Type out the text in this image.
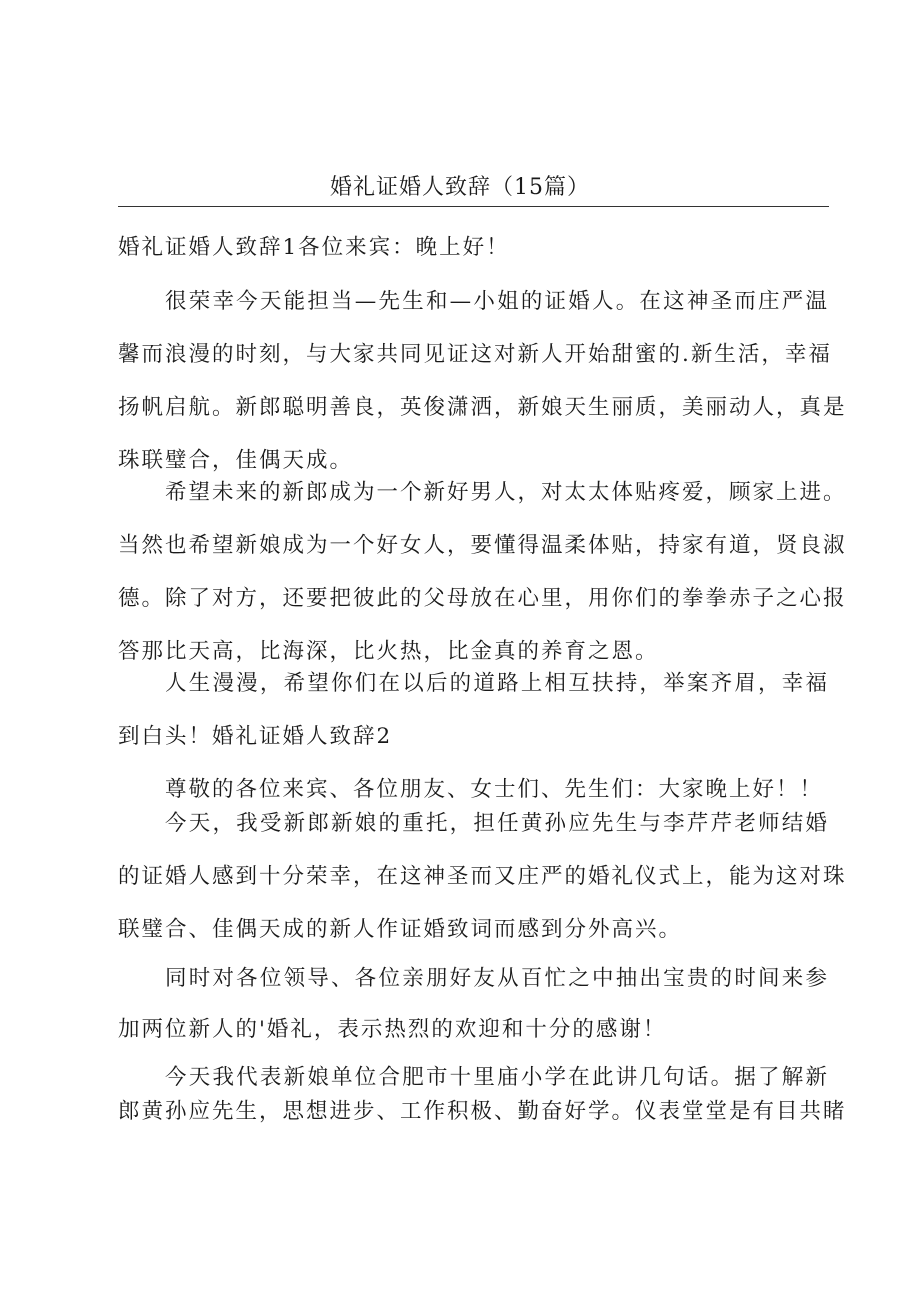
婚礼证婚人致辞（15篇）
婚礼证婚人致辞1各位来宾：晚上好！
很荣幸今天能担当—先生和—小姐的证婚人。在这神圣而庄严温
馨而浪漫的时刻，与大家共同见证这对新人开始甜蜜的.新生活，幸福
扬帆启航。新郎聪明善良，英俊潇洒，新娘天生丽质，美丽动人，真是
珠联璧合，佳偶天成。
希望未来的新郎成为一个新好男人，对太太体贴疼爱，顾家上进。
当然也希望新娘成为一个好女人，要懂得温柔体贴，持家有道，贤良淑
德。除了对方，还要把彼此的父母放在心里，用你们的拳拳赤子之心报
答那比天高，比海深，比火热，比金真的养育之恩。
人生漫漫，希望你们在以后的道路上相互扶持，举案齐眉，幸福
到白头！婚礼证婚人致辞2
尊敬的各位来宾、各位朋友、女士们、先生们：大家晚上好！！
今天，我受新郎新娘的重托，担任黄孙应先生与李芹芹老师结婚
的证婚人感到十分荣幸，在这神圣而又庄严的婚礼仪式上，能为这对珠
联璧合、佳偶天成的新人作证婚致词而感到分外高兴。
同时对各位领导、各位亲朋好友从百忙之中抽出宝贵的时间来参
加两位新人的'婚礼，表示热烈的欢迎和十分的感谢！
今天我代表新娘单位合肥市十里庙小学在此讲几句话。据了解新
郎黄孙应先生，思想进步、工作积极、勤奋好学。仪表堂堂是有目共睹
